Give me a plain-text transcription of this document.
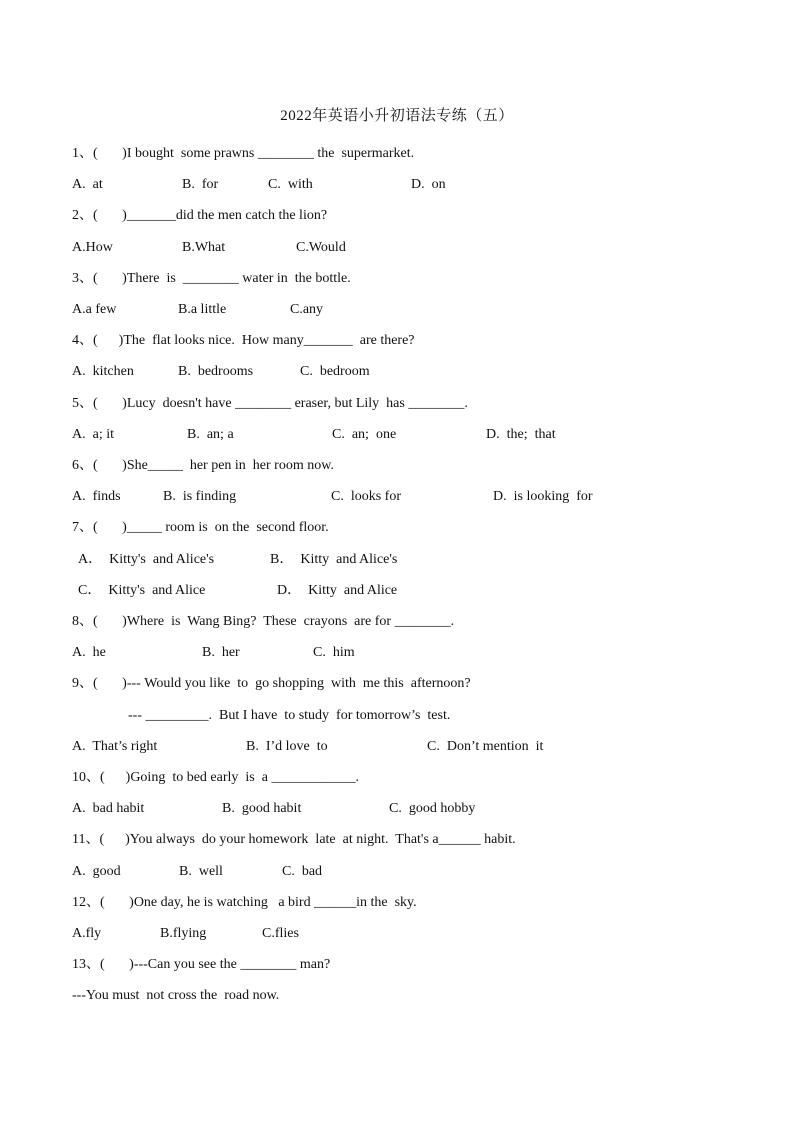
2022年英语小升初语法专练（五）
1、(       )I bought  some prawns ________ the  supermarket.
A.  at	B.  for	C.  with	D.  on
2、(       )_______did the men catch the lion?
A.How	B.What	C.Would
3、(       )There  is  ________ water in  the bottle.
A.a few	B.a little	C.any
4、(      )The  flat looks nice.  How many_______  are there?
A.  kitchen	B.  bedrooms	C.  bedroom
5、(       )Lucy  doesn't have ________ eraser, but Lily  has ________.
A.  a; it	B.  an; a	C.  an;  one	D.  the;  that
6、(       )She_____  her pen in  her room now.
A.  finds	B.  is finding	C.  looks for	D.  is looking  for
7、(       )_____ room is  on the  second floor.
A．  Kitty's  and Alice's	B．  Kitty  and Alice's
C．  Kitty's  and Alice	D．  Kitty  and Alice
8、(       )Where  is  Wang Bing?  These  crayons  are for ________.
A.  he	B.  her	C.  him
9、(       )--- Would you like  to  go shopping  with  me this  afternoon?
--- _________.  But I have  to study  for tomorrow’s  test.
A.  That’s right	B.  I’d love  to	C.  Don’t mention  it
10、(      )Going  to bed early  is  a ____________.
A.  bad habit	B.  good habit	C.  good hobby
11、(      )You always  do your homework  late  at night.  That's a______ habit.
A.  good	B.  well	C.  bad
12、(       )One day, he is watching   a bird ______in the  sky.
A.fly	B.flying	C.flies
13、(       )---Can you see the ________ man?
---You must  not cross the  road now.
